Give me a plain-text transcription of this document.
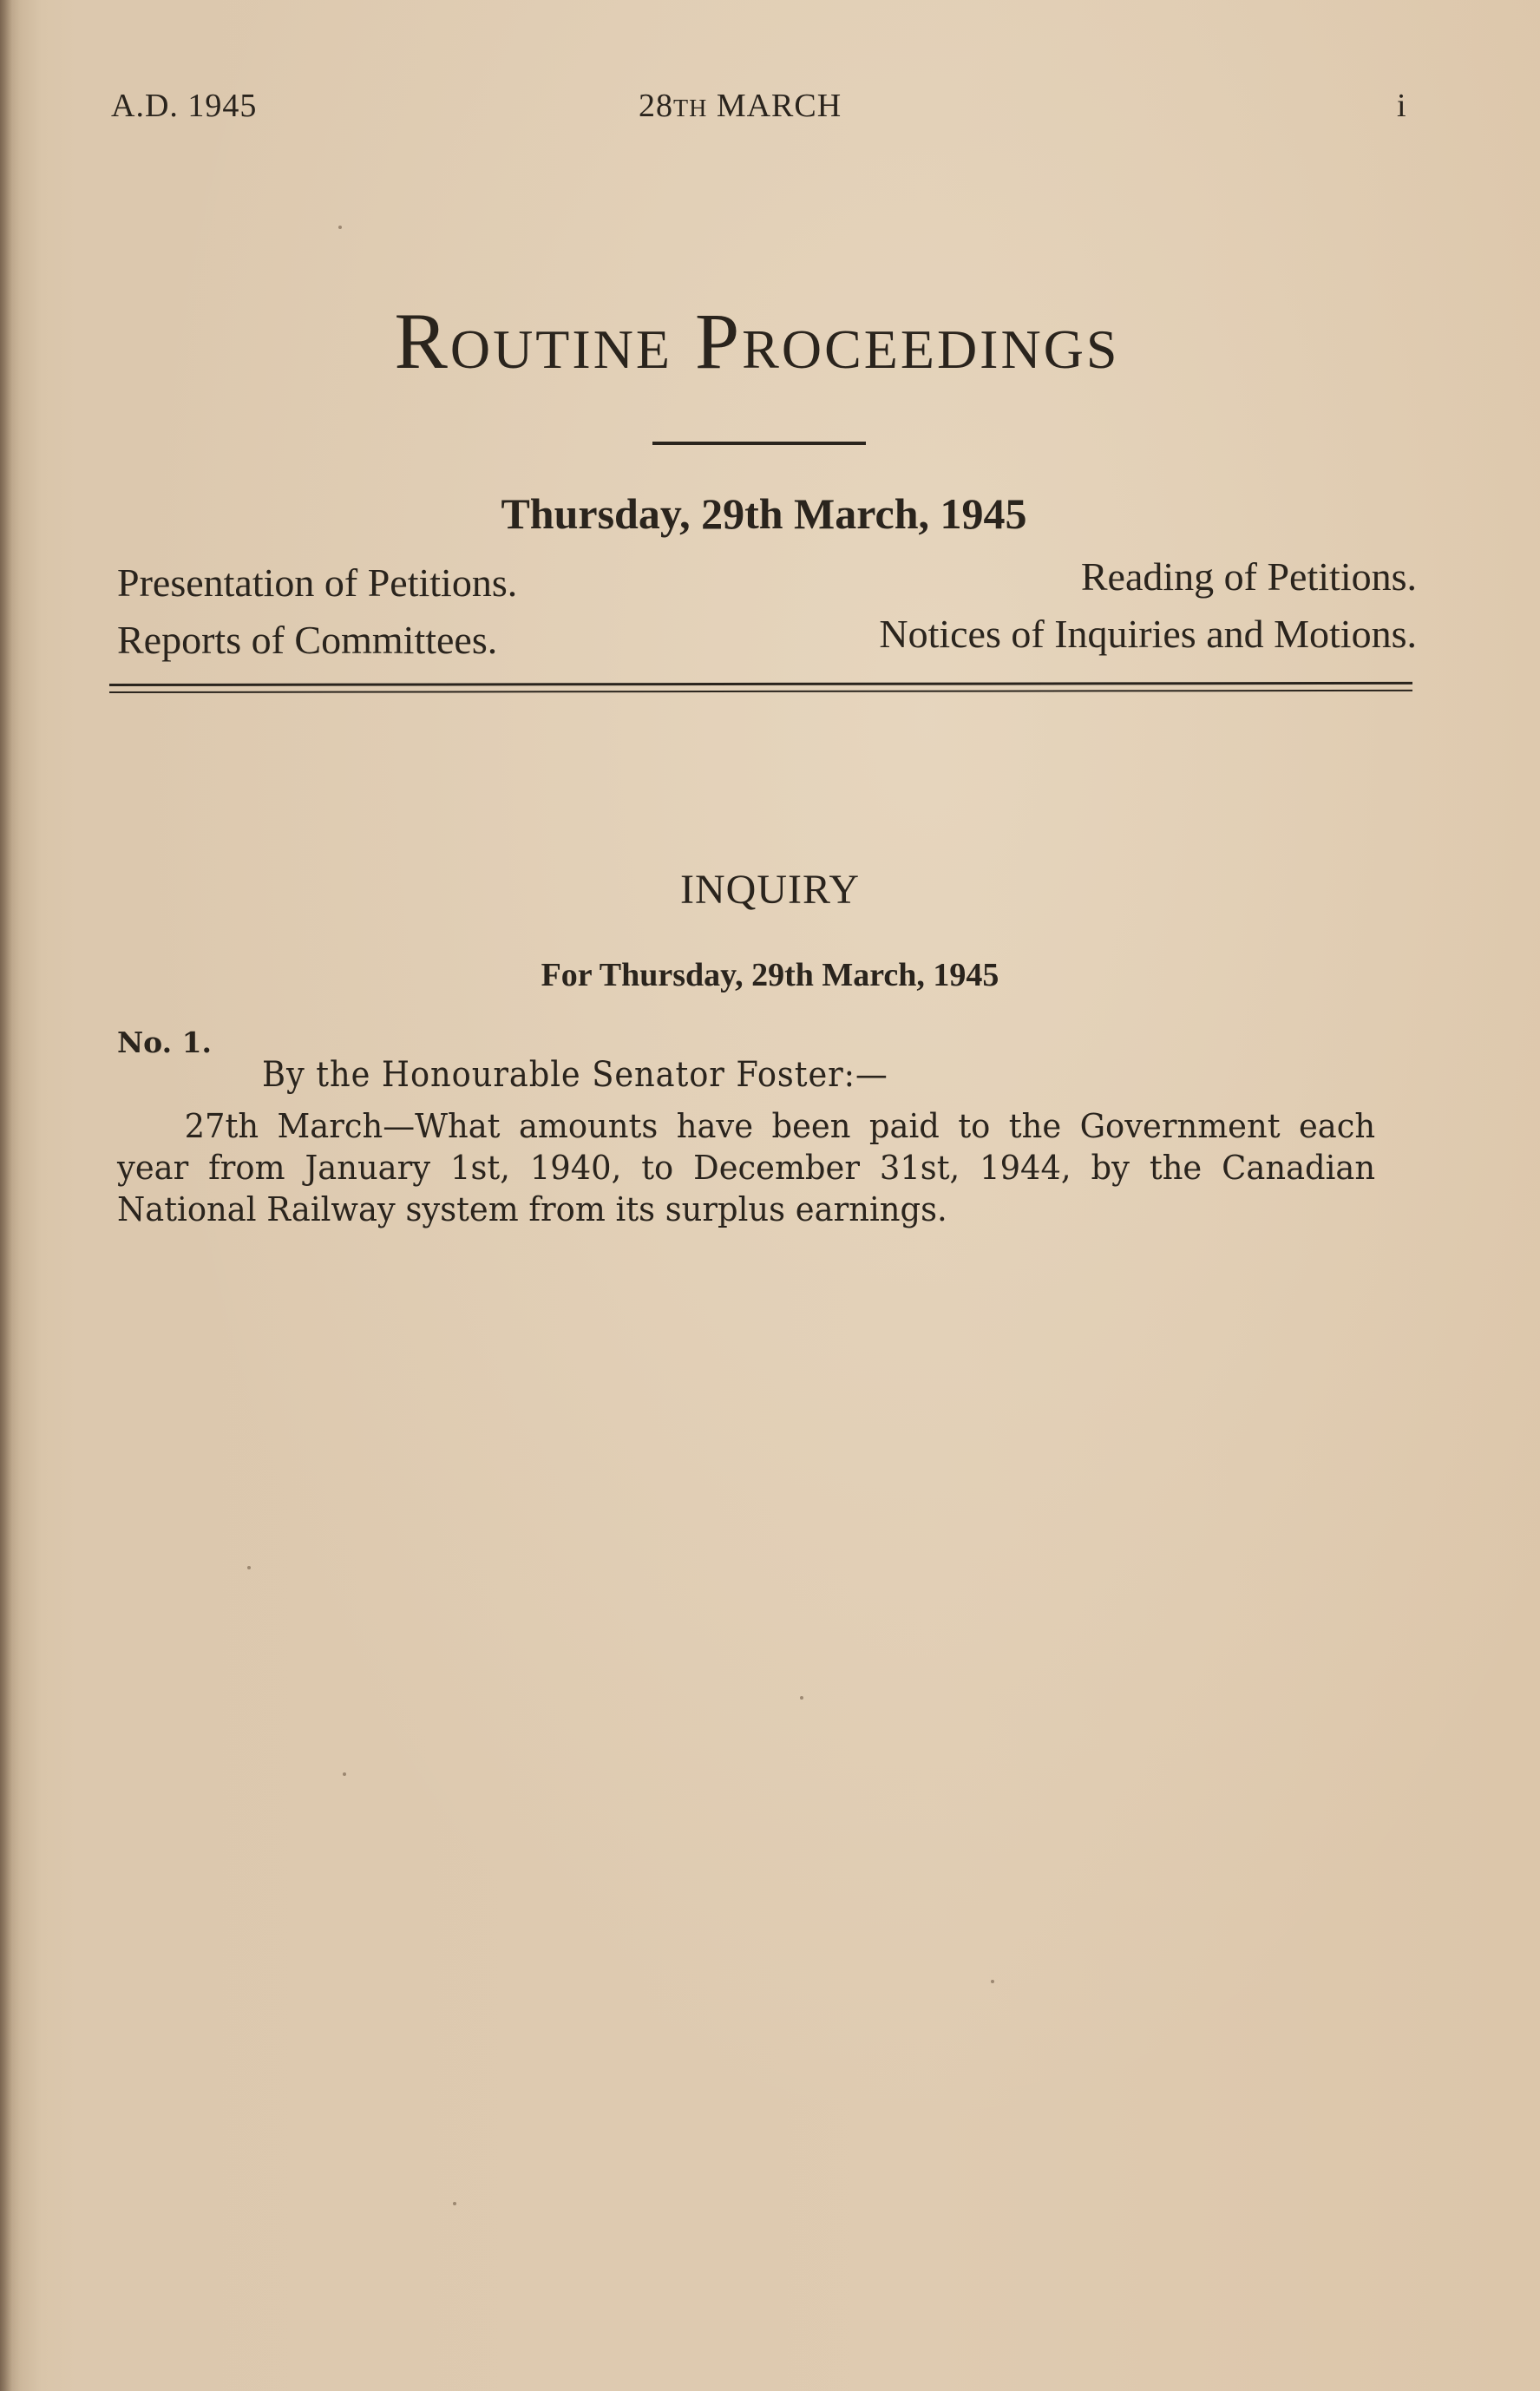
A.D. 1945	28TH MARCH	i
Routine Proceedings
Thursday, 29th March, 1945
Presentation of Petitions.	Reading of Petitions.
Reports of Committees.	Notices of Inquiries and Motions.
INQUIRY
For Thursday, 29th March, 1945
No. 1.
By the Honourable Senator Foster:—
27th March—What amounts have been paid to the Government each year from January 1st, 1940, to December 31st, 1944, by the Canadian National Railway system from its surplus earnings.
